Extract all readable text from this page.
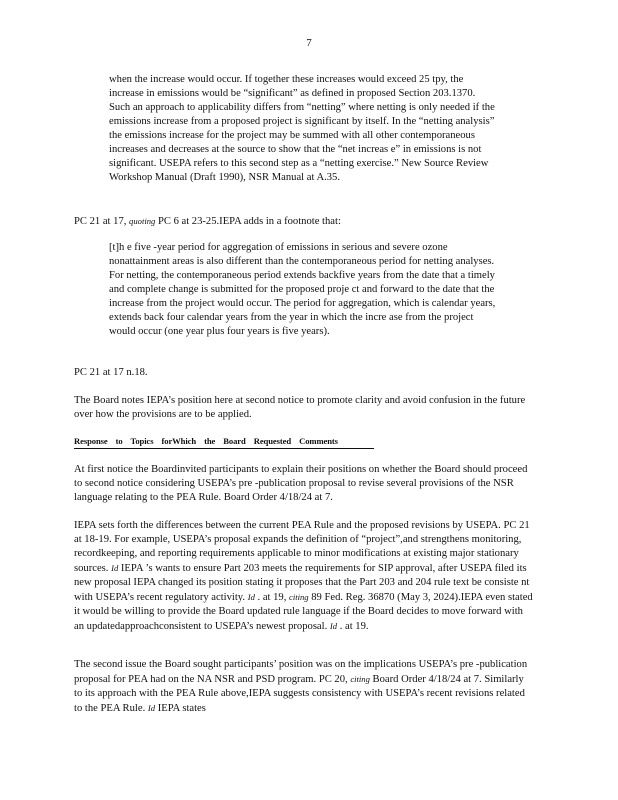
7

when the increase would occur. If together these increases would exceed 25 tpy, the increase in emissions would be “significant” as defined in proposed Section 203.1370. Such an approach to applicability differs from “netting” where netting is only needed if the emissions increase from a proposed project is significant by itself. In the “netting analysis” the emissions increase for the project may be summed with all other contemporaneous increases and decreases at the source to show that the “net increas e” in emissions is not significant. USEPA refers to this second step as a “netting exercise.” New Source Review Workshop Manual (Draft 1990), NSR Manual at A.35.

PC 21 at 17, quoting PC 6 at 23-25.IEPA adds in a footnote that:

[t]h e five -year period for aggregation of emissions in serious and severe ozone nonattainment areas is also different than the contemporaneous period for netting analyses. For netting, the contemporaneous period extends backfive years from the date that a timely and complete change is submitted for the proposed proje ct and forward to the date that the increase from the project would occur. The period for aggregation, which is calendar years, extends back four calendar years from the year in which the incre ase from the project would occur (one year plus four years is five years).

PC 21 at 17 n.18.

The Board notes IEPA’s position here at second notice to promote clarity and avoid confusion in the future over how the provisions are to be applied.

Response to Topics forWhich the Board Requested Comments

At first notice the Boardinvited participants to explain their positions on whether the Board should proceed to second notice considering USEPA’s pre -publication proposal to revise several provisions of the NSR language relating to the PEA Rule. Board Order 4/18/24 at 7.

IEPA sets forth the differences between the current PEA Rule and the proposed revisions by USEPA. PC 21 at 18-19. For example, USEPA’s proposal expands the definition of “project”,and strengthens monitoring, recordkeeping, and reporting requirements applicable to minor modifications at existing major stationary sources. Id IEPA ’s wants to ensure Part 203 meets the requirements for SIP approval, after USEPA filed its new proposal IEPA changed its position stating it proposes that the Part 203 and 204 rule text be consiste nt with USEPA’s recent regulatory activity. Id . at 19, citing 89 Fed. Reg. 36870 (May 3, 2024).IEPA even stated it would be willing to provide the Board updated rule language if the Board decides to move forward with an updatedapproachconsistent to USEPA’s newest proposal. Id . at 19.

The second issue the Board sought participants’ position was on the implications USEPA’s pre -publication proposal for PEA had on the NA NSR and PSD program. PC 20, citing Board Order 4/18/24 at 7. Similarly to its approach with the PEA Rule above,IEPA suggests consistency with USEPA’s recent revisions related to the PEA Rule. Id IEPA states
